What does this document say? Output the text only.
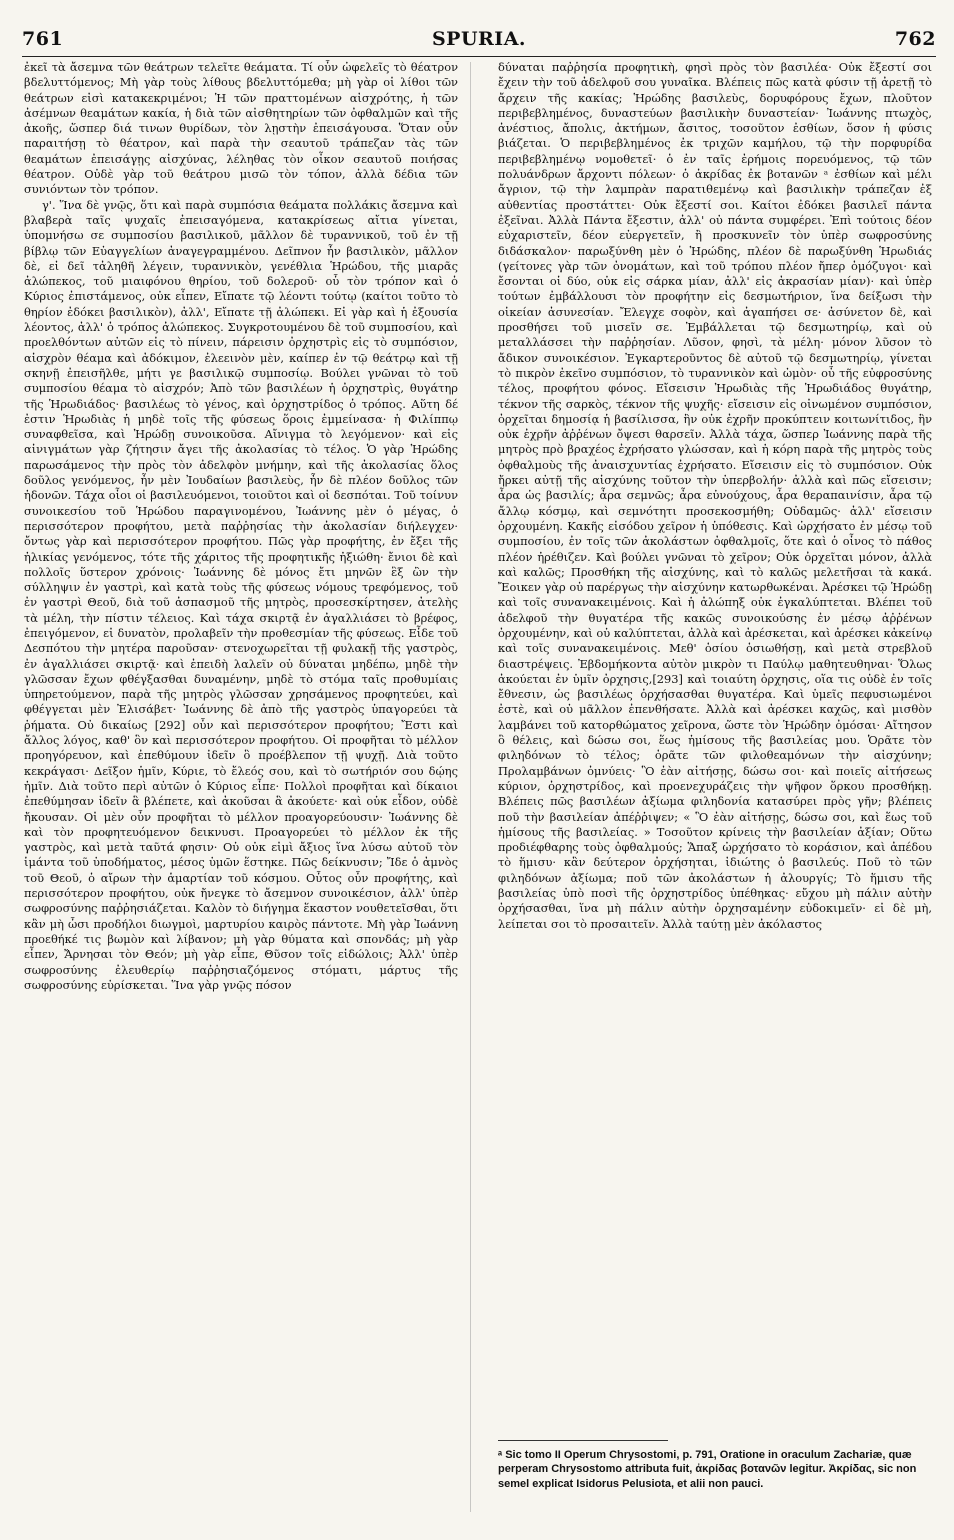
761	SPURIA.	762

ἐκεῖ τὰ ἄσεμνα τῶν θεάτρων τελεῖτε θεάματα. Τί οὖν ὠφελεῖς τὸ θέατρον βδελυττόμενος; Μὴ γὰρ τοὺς λίθους βδελυττόμεθα; μὴ γὰρ οἱ λίθοι τῶν θεάτρων εἰσὶ κατακεκριμένοι; Ἡ τῶν πραττομένων αἰσχρότης, ἡ τῶν ἀσέμνων θεαμάτων κακία, ἡ διὰ τῶν αἰσθητηρίων τῶν ὀφθαλμῶν καὶ τῆς ἀκοῆς, ὥσπερ διά τινων θυρίδων, τὸν λῃστὴν ἐπεισάγουσα. Ὅταν οὖν παραιτήσῃ τὸ θέατρον, καὶ παρὰ τὴν σεαυτοῦ τράπεζαν τὰς τῶν θεαμάτων ἐπεισάγῃς αἰσχύνας, λέληθας τὸν οἶκον σεαυτοῦ ποιήσας θέατρον. Οὐδὲ γὰρ τοῦ θεάτρου μισῶ τὸν τόπον, ἀλλὰ δέδια τῶν συνιόντων τὸν τρόπον.

γ'. Ἵνα δὲ γνῷς, ὅτι καὶ παρὰ συμπόσια θεάματα πολλάκις ἄσεμνα καὶ βλαβερὰ ταῖς ψυχαῖς ἐπεισαγόμενα, κατακρίσεως αἴτια γίνεται, ὑπομνήσω σε συμποσίου βασιλικοῦ, μᾶλλον δὲ τυραννικοῦ, τοῦ ἐν τῇ βίβλῳ τῶν Εὐαγγελίων ἀναγεγραμμένου. Δεῖπνον ἦν βασιλικὸν, μᾶλλον δὲ, εἰ δεῖ τἀληθῆ λέγειν, τυραννικὸν, γενέθλια Ἡρώδου, τῆς μιαρᾶς ἀλώπεκος, τοῦ μιαιφόνου θηρίου, τοῦ δολεροῦ· οὗ τὸν τρόπον καὶ ὁ Κύριος ἐπιστάμενος, οὐκ εἶπεν, Εἴπατε τῷ λέοντι τούτῳ (καίτοι τοῦτο τὸ θηρίον ἐδόκει βασιλικὸν), ἀλλ', Εἴπατε τῇ ἀλώπεκι. Εἰ γὰρ καὶ ἡ ἐξουσία λέοντος, ἀλλ' ὁ τρόπος ἀλώπεκος. Συγκροτουμένου δὲ τοῦ συμποσίου, καὶ προελθόντων αὐτῶν εἰς τὸ πίνειν, πάρεισιν ὀρχηστρὶς εἰς τὸ συμπόσιον, αἰσχρὸν θέαμα καὶ ἀδόκιμον, ἐλεεινὸν μὲν, καίπερ ἐν τῷ θεάτρῳ καὶ τῇ σκηνῇ ἐπεισῆλθε, μήτι γε βασιλικῷ συμποσίῳ. Βούλει γνῶναι τὸ τοῦ συμποσίου θέαμα τὸ αἰσχρόν; Ἀπὸ τῶν βασιλέων ἡ ὀρχηστρὶς, θυγάτηρ τῆς Ἡρωδιάδος· βασιλέως τὸ γένος, καὶ ὀρχηστρίδος ὁ τρόπος. Αὕτη δέ ἐστιν Ἡρωδιὰς ἡ μηδὲ τοῖς τῆς φύσεως ὅροις ἐμμείνασα· ἡ Φιλίππῳ συναφθεῖσα, καὶ Ἡρώδῃ συνοικοῦσα. Αἴνιγμα τὸ λεγόμενον· καὶ εἰς αἰνιγμάτων γὰρ ζήτησιν ἄγει τῆς ἀκολασίας τὸ τέλος. Ὁ γὰρ Ἡρώδης παρωσάμενος τὴν πρὸς τὸν ἀδελφὸν μνήμην, καὶ τῆς ἀκολασίας ὅλος δοῦλος γενόμενος, ἦν μὲν Ἰουδαίων βασιλεὺς, ἦν δὲ πλέον δοῦλος τῶν ἡδονῶν. Τάχα οἷοι οἱ βασιλευόμενοι, τοιοῦτοι καὶ οἱ δεσπόται. Τοῦ τοίνυν συνοικεσίου τοῦ Ἡρώδου παραγινομένου, Ἰωάννης μὲν ὁ μέγας, ὁ περισσότερον προφήτου, μετὰ παῤῥησίας τὴν ἀκολασίαν διήλεγχεν· ὄντως γὰρ καὶ περισσότερον προφήτου. Πῶς γὰρ προφήτης, ἐν ἔξει τῆς ἡλικίας γενόμενος, τότε τῆς χάριτος τῆς προφητικῆς ἠξιώθη· ἔνιοι δὲ καὶ πολλοῖς ὕστερον χρόνοις· Ἰωάννης δὲ μόνος ἔτι μηνῶν ἓξ ὢν τὴν σύλληψιν ἐν γαστρὶ, καὶ κατὰ τοὺς τῆς φύσεως νόμους τρεφόμενος, τοῦ ἐν γαστρὶ Θεοῦ, διὰ τοῦ ἀσπασμοῦ τῆς μητρὸς, προσεσκίρτησεν, ἀτελὴς τὰ μέλη, τὴν πίστιν τέλειος. Καὶ τάχα σκιρτᾷ ἐν ἀγαλλιάσει τὸ βρέφος, ἐπειγόμενον, εἰ δυνατὸν, προλαβεῖν τὴν προθεσμίαν τῆς φύσεως. Εἶδε τοῦ Δεσπότου τὴν μητέρα παροῦσαν· στενοχωρεῖται τῇ φυλακῇ τῆς γαστρὸς, ἐν ἀγαλλιάσει σκιρτᾷ· καὶ ἐπειδὴ λαλεῖν οὐ δύναται μηδέπω, μηδὲ τὴν γλῶσσαν ἔχων φθέγξασθαι δυναμένην, μηδὲ τὸ στόμα ταῖς προθυμίαις ὑπηρετούμενον, παρὰ τῆς μητρὸς γλῶσσαν χρησάμενος προφητεύει, καὶ φθέγγεται μὲν Ἐλισάβετ· Ἰωάννης δὲ ἀπὸ τῆς γαστρὸς ὑπαγορεύει τὰ ῥήματα. Οὐ δικαίως [292] οὖν καὶ περισσότερον προφήτου; Ἔστι καὶ ἄλλος λόγος, καθ' ὃν καὶ περισσότερον προφήτου. Οἱ προφῆται τὸ μέλλον προηγόρευον, καὶ ἐπεθύμουν ἰδεῖν ὃ προέβλεπον τῇ ψυχῇ. Διὰ τοῦτο κεκράγασι· Δεῖξον ἡμῖν, Κύριε, τὸ ἔλεός σου, καὶ τὸ σωτήριόν σου δῴης ἡμῖν. Διὰ τοῦτο περὶ αὐτῶν ὁ Κύριος εἶπε· Πολλοὶ προφῆται καὶ δίκαιοι ἐπεθύμησαν ἰδεῖν ἃ βλέπετε, καὶ ἀκοῦσαι ἃ ἀκούετε· καὶ οὐκ εἶδον, οὐδὲ ἤκουσαν. Οἱ μὲν οὖν προφῆται τὸ μέλλον προαγορεύουσιν· Ἰωάννης δὲ καὶ τὸν προφητευόμενον δεικνυσι. Προαγορεύει τὸ μέλλον ἐκ τῆς γαστρὸς, καὶ μετὰ ταῦτά φησιν· Οὐ οὐκ εἰμὶ ἄξιος ἵνα λύσω αὐτοῦ τὸν ἱμάντα τοῦ ὑποδήματος, μέσος ὑμῶν ἕστηκε. Πῶς δείκνυσιν; Ἴδε ὁ ἀμνὸς τοῦ Θεοῦ, ὁ αἴρων τὴν ἁμαρτίαν τοῦ κόσμου. Οὗτος οὖν προφήτης, καὶ περισσότερον προφήτου, οὐκ ἤνεγκε τὸ ἄσεμνον συνοικέσιον, ἀλλ' ὑπὲρ σωφροσύνης παῤῥησιάζεται. Καλὸν τὸ διήγημα ἕκαστον νουθετεῖσθαι, ὅτι κἂν μὴ ὦσι προδήλοι διωγμοὶ, μαρτυρίου καιρὸς πάντοτε. Μὴ γὰρ Ἰωάννη προεθήκέ τις βωμὸν καὶ λίβανον; μὴ γὰρ θύματα καὶ σπονδάς; μὴ γὰρ εἶπεν, Ἄρνησαι τὸν Θεόν; μὴ γὰρ εἶπε, Θῦσον τοῖς εἰδώλοις; Ἀλλ' ὑπὲρ σωφροσύνης ἐλευθερίῳ παῤῥησιαζόμενος στόματι, μάρτυς τῆς σωφροσύνης εὑρίσκεται. Ἵνα γὰρ γνῷς πόσον

δύναται παῤῥησία προφητικὴ, φησὶ πρὸς τὸν βασιλέα· Οὐκ ἔξεστί σοι ἔχειν τὴν τοῦ ἀδελφοῦ σου γυναῖκα. Βλέπεις πῶς κατὰ φύσιν τῇ ἀρετῇ τὸ ἄρχειν τῆς κακίας; Ἡρώδης βασιλεὺς, δορυφόρους ἔχων, πλοῦτον περιβεβλημένος, δυναστεύων βασιλικὴν δυναστείαν· Ἰωάννης πτωχὸς, ἀνέστιος, ἄπολις, ἀκτήμων, ἄσιτος, τοσοῦτον ἐσθίων, ὅσον ἡ φύσις βιάζεται. Ὁ περιβεβλημένος ἐκ τριχῶν καμήλου, τῷ τὴν πορφυρίδα περιβεβλημένῳ νομοθετεῖ· ὁ ἐν ταῖς ἐρήμοις πορευόμενος, τῷ τῶν πολυάνδρων ἄρχοντι πόλεων· ὁ ἀκρίδας ἐκ βοτανῶν ᵃ ἐσθίων καὶ μέλι ἄγριον, τῷ τὴν λαμπρὰν παρατιθεμένῳ καὶ βασιλικὴν τράπεζαν ἐξ αὐθεντίας προστάττει· Οὐκ ἔξεστί σοι. Καίτοι ἐδόκει βασιλεῖ πάντα ἐξεῖναι. Ἀλλὰ Πάντα ἔξεστιν, ἀλλ' οὐ πάντα συμφέρει. Ἐπὶ τούτοις δέον εὐχαριστεῖν, δέον εὐεργετεῖν, ἢ προσκυνεῖν τὸν ὑπὲρ σωφροσύνης διδάσκαλον· παρωξύνθη μὲν ὁ Ἡρώδης, πλέον δὲ παρωξύνθη Ἡρωδιάς (γείτονες γὰρ τῶν ὀνομάτων, καὶ τοῦ τρόπου πλέον ἤπερ ὁμόζυγοι· καὶ ἔσονται οἱ δύο, οὐκ εἰς σάρκα μίαν, ἀλλ' εἰς ἀκρασίαν μίαν)· καὶ ὑπὲρ τούτων ἐμβάλλουσι τὸν προφήτην εἰς δεσμωτήριον, ἵνα δείξωσι τὴν οἰκείαν ἀσυνεσίαν. Ἔλεγχε σοφὸν, καὶ ἀγαπήσει σε· ἀσύνετον δὲ, καὶ προσθήσει τοῦ μισεῖν σε. Ἐμβάλλεται τῷ δεσμωτηρίῳ, καὶ οὐ μεταλλάσσει τὴν παῤῥησίαν. Λῦσον, φησὶ, τὰ μέλη· μόνον λῦσον τὸ ἄδικον συνοικέσιον. Ἐγκαρτεροῦντος δὲ αὐτοῦ τῷ δεσμωτηρίῳ, γίνεται τὸ πικρὸν ἐκεῖνο συμπόσιον, τὸ τυραννικὸν καὶ ὠμὸν· οὗ τῆς εὐφροσύνης τέλος, προφήτου φόνος. Εἴσεισιν Ἡρωδιὰς τῆς Ἡρωδιάδος θυγάτηρ, τέκνον τῆς σαρκὸς, τέκνον τῆς ψυχῆς· εἴσεισιν εἰς οἰνωμένον συμπόσιον, ὀρχεῖται δημοσίᾳ ἡ βασίλισσα, ἣν οὐκ ἐχρῆν προκύπτειν κοιτωνίτιδος, ἣν οὐκ ἐχρῆν ἀῤῥένων ὄψεσι θαρσεῖν. Ἀλλὰ τάχα, ὥσπερ Ἰωάννης παρὰ τῆς μητρὸς πρὸ βραχέος ἐχρήσατο γλώσσαν, καὶ ἡ κόρη παρὰ τῆς μητρὸς τοὺς ὀφθαλμοὺς τῆς ἀναισχυντίας ἐχρήσατο. Εἴσεισιν εἰς τὸ συμπόσιον. Οὐκ ἤρκει αὐτῇ τῆς αἰσχύνης τοῦτον τὴν ὑπερβολήν· ἀλλὰ καὶ πῶς εἴσεισιν; ἆρα ὡς βασιλίς; ἆρα σεμνῶς; ἆρα εὐνούχους, ἆρα θεραπαινίσιν, ἆρα τῷ ἄλλῳ κόσμῳ, καὶ σεμνότητι προσεκοσμήθη; Οὐδαμῶς· ἀλλ' εἴσεισιν ὀρχουμένη. Κακῆς εἰσόδου χεῖρον ἡ ὑπόθεσις. Καὶ ὠρχήσατο ἐν μέσῳ τοῦ συμποσίου, ἐν τοῖς τῶν ἀκολάστων ὀφθαλμοῖς, ὅτε καὶ ὁ οἶνος τὸ πάθος πλέον ἠρέθιζεν. Καὶ βούλει γνῶναι τὸ χεῖρον; Οὐκ ὀρχεῖται μόνον, ἀλλὰ καὶ καλῶς; Προσθήκη τῆς αἰσχύνης, καὶ τὸ καλῶς μελετῆσαι τὰ κακά. Ἔοικεν γὰρ οὐ παρέργως τὴν αἰσχύνην κατωρθωκέναι. Ἀρέσκει τῷ Ἡρώδῃ καὶ τοῖς συνανακειμένοις. Καὶ ἡ ἀλώπηξ οὐκ ἐγκαλύπτεται. Βλέπει τοῦ ἀδελφοῦ τὴν θυγατέρα τῆς κακῶς συνοικούσης ἐν μέσῳ ἀῤῥένων ὀρχουμένην, καὶ οὐ καλύπτεται, ἀλλὰ καὶ ἀρέσκεται, καὶ ἀρέσκει κἀκείνῳ καὶ τοῖς συνανακειμένοις. Μεθ' ὁσίου ὁσιωθήσῃ, καὶ μετὰ στρεβλοῦ διαστρέψεις. Ἐβδομήκοντα αὐτὸν μικρὸν τι Παύλῳ μαθητευθηναι· Ὅλως ἀκούεται ἐν ὑμῖν ὀρχησις,[293] καὶ τοιαύτη ὀρχησις, οἵα τις οὐδὲ ἐν τοῖς ἔθνεσιν, ὡς βασιλέως ὀρχήσασθαι θυγατέρα. Καὶ ὑμεῖς πεφυσιωμένοι ἐστὲ, καὶ οὐ μᾶλλον ἐπενθήσατε. Ἀλλὰ καὶ ἀρέσκει καχῶς, καὶ μισθὸν λαμβάνει τοῦ κατορθώματος χεῖρονα, ὥστε τὸν Ἡρώδην ὀμόσαι· Αἴτησον ὃ θέλεις, καὶ δώσω σοι, ἕως ἡμίσους τῆς βασιλείας μου. Ὁρᾶτε τὸν φιληδόνων τὸ τέλος; ὁρᾶτε τῶν φιλοθεαμόνων τὴν αἰσχύνην; Προλαμβάνων ὀμνύεις· Ὃ ἐὰν αἰτήσῃς, δώσω σοι· καὶ ποιεῖς αἰτήσεως κύριον, ὀρχηστρίδος, καὶ προενεχυράζεις τὴν ψῆφον ὅρκου προσθήκῃ. Βλέπεις πῶς βασιλέων ἀξίωμα φιληδονία κατασύρει πρὸς γῆν; βλέπεις ποῦ τὴν βασιλείαν ἀπέῤῥιψεν; « Ὃ ἐὰν αἰτήσῃς, δώσω σοι, καὶ ἕως τοῦ ἡμίσους τῆς βασιλείας. » Τοσοῦτον κρίνεις τὴν βασιλείαν ἀξίαν; Οὕτω προδιέφθαρης τοὺς ὀφθαλμούς; Ἅπαξ ὠρχήσατο τὸ κοράσιον, καὶ ἀπέδου τὸ ἥμισυ· κἂν δεύτερον ὀρχήσηται, ἰδιώτης ὁ βασιλεύς. Ποῦ τὸ τῶν φιληδόνων ἀξίωμα; ποῦ τῶν ἀκολάστων ἡ ἀλουργίς; Τὸ ἥμισυ τῆς βασιλείας ὑπὸ ποσὶ τῆς ὀρχηστρίδος ὑπέθηκας· εὔχου μὴ πάλιν αὐτὴν ὀρχήσασθαι, ἵνα μὴ πάλιν αὐτὴν ὀρχησαμένην εὐδοκιμεῖν· εἰ δὲ μὴ, λείπεται σοι τὸ προσαιτεῖν. Ἀλλὰ ταύτῃ μὲν ἀκόλαστος

ᵃ Sic tomo II Operum Chrysostomi, p. 791, Oratione in oraculum Zachariæ, quæ perperam Chrysostomo attributa fuit, ἀκρίδας βοτανῶν legitur. Ἀκρίδας, sic non semel explicat Isidorus Pelusiota, et alii non pauci.
